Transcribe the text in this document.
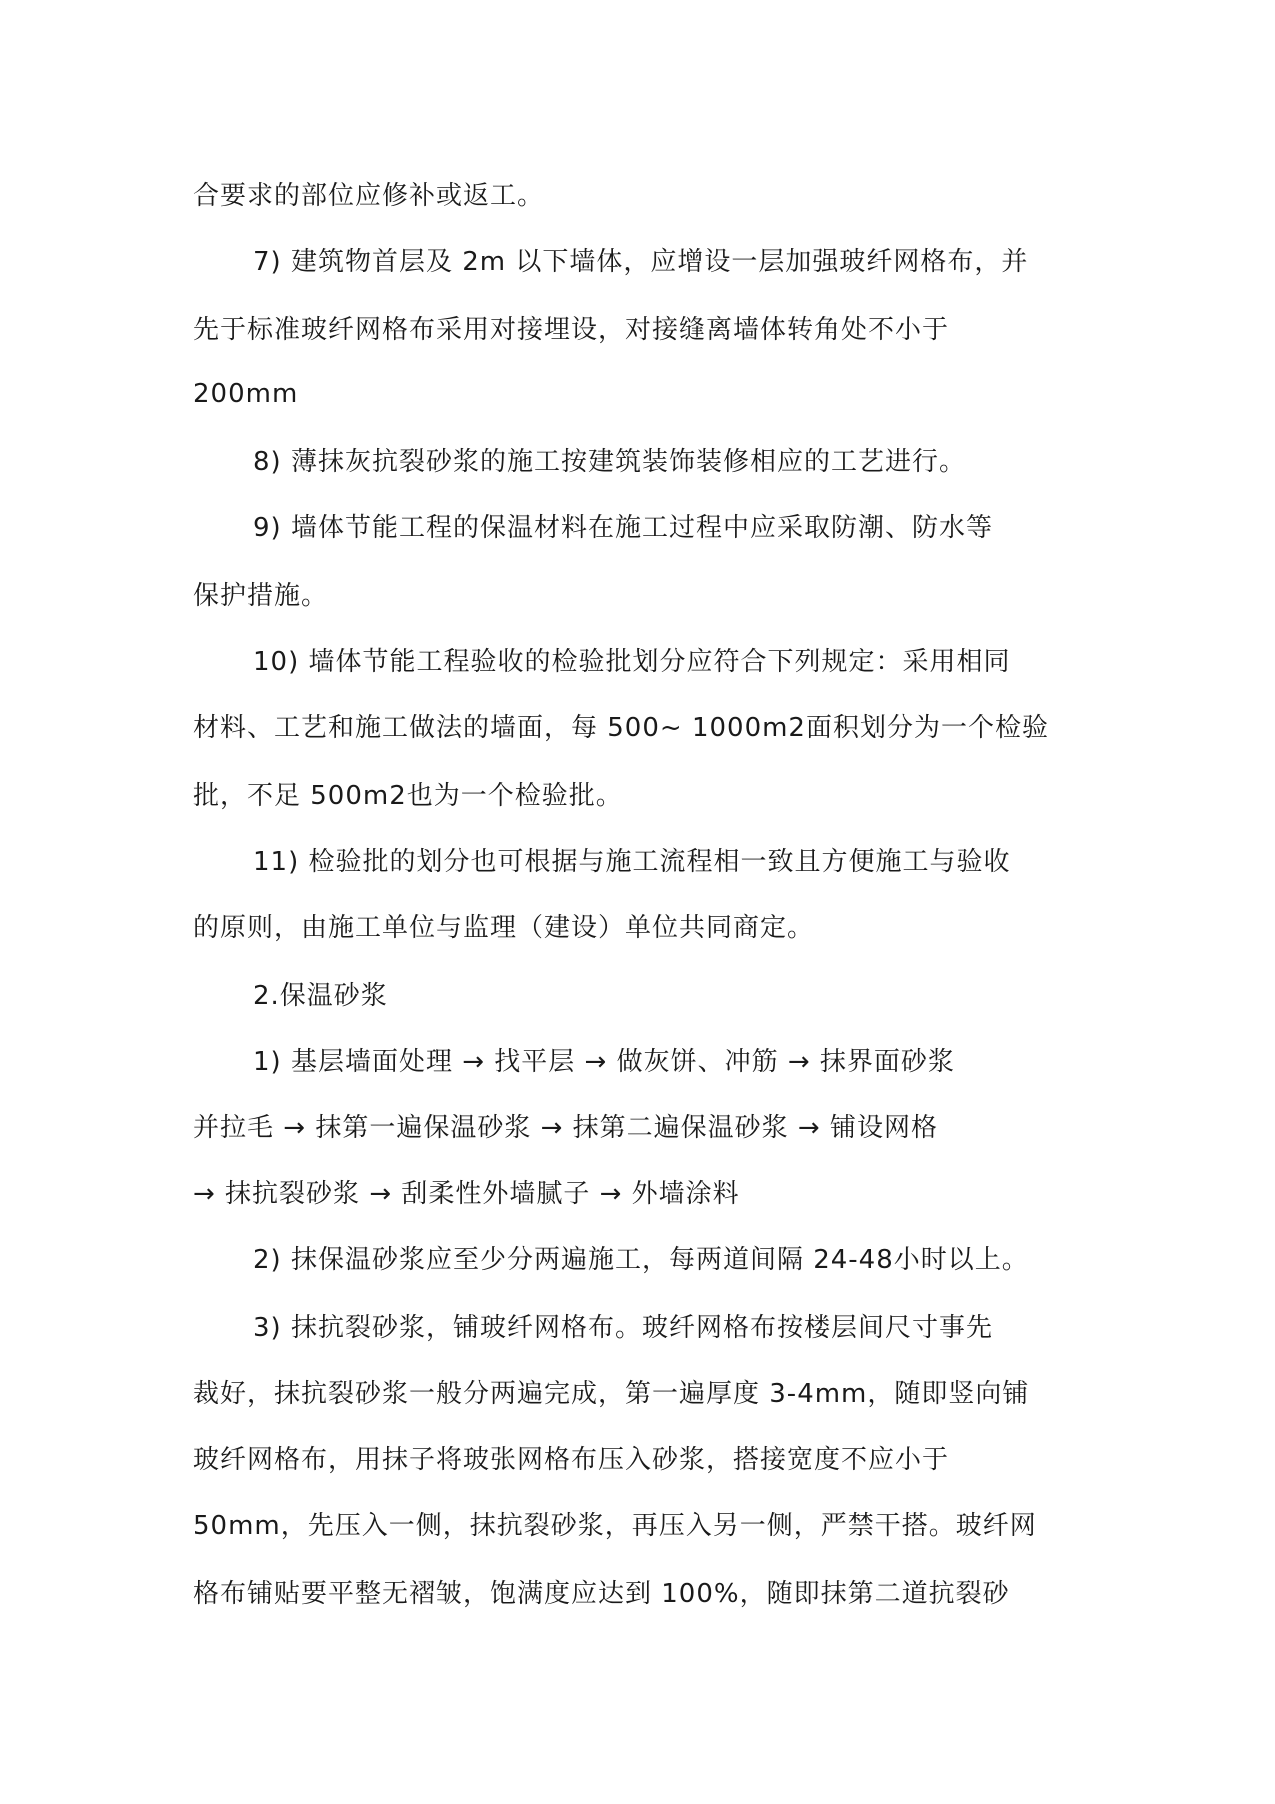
合要求的部位应修补或返工。
7) 建筑物首层及 2m 以下墙体，应增设一层加强玻纤网格布，并
先于标准玻纤网格布采用对接埋设，对接缝离墙体转角处不小于
200mm
8) 薄抹灰抗裂砂浆的施工按建筑装饰装修相应的工艺进行。
9) 墙体节能工程的保温材料在施工过程中应采取防潮、防水等
保护措施。
10) 墙体节能工程验收的检验批划分应符合下列规定：采用相同
材料、工艺和施工做法的墙面，每 500~ 1000m2面积划分为一个检验
批，不足 500m2也为一个检验批。
11) 检验批的划分也可根据与施工流程相一致且方便施工与验收
的原则，由施工单位与监理（建设）单位共同商定。
2.保温砂浆
1) 基层墙面处理 → 找平层 → 做灰饼、冲筋 → 抹界面砂浆
并拉毛 → 抹第一遍保温砂浆 → 抹第二遍保温砂浆 → 铺设网格
→ 抹抗裂砂浆 → 刮柔性外墙腻子 → 外墙涂料
2) 抹保温砂浆应至少分两遍施工，每两道间隔 24-48小时以上。
3) 抹抗裂砂浆，铺玻纤网格布。玻纤网格布按楼层间尺寸事先
裁好，抹抗裂砂浆一般分两遍完成，第一遍厚度 3-4mm，随即竖向铺
玻纤网格布，用抹子将玻张网格布压入砂浆，搭接宽度不应小于
50mm，先压入一侧，抹抗裂砂浆，再压入另一侧，严禁干搭。玻纤网
格布铺贴要平整无褶皱，饱满度应达到 100%，随即抹第二道抗裂砂
